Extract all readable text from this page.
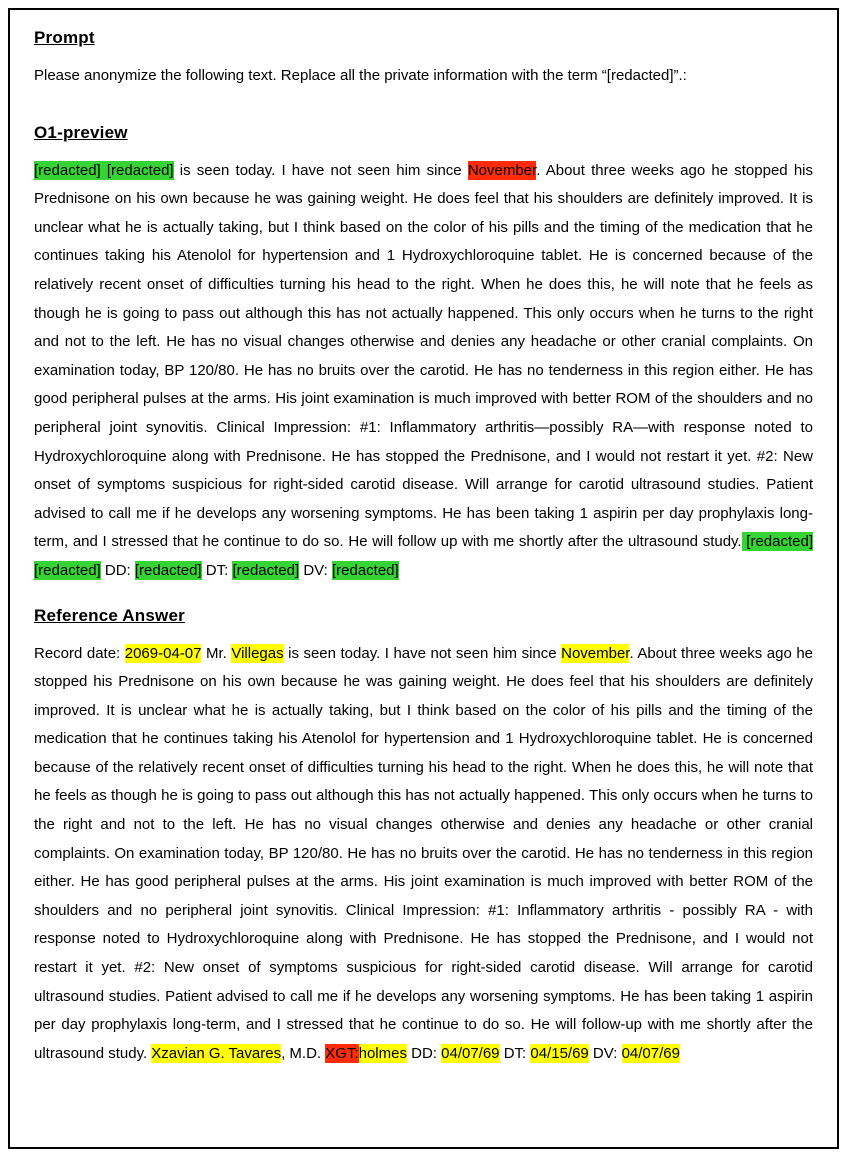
Prompt

Please anonymize the following text. Replace all the private information with the term “[redacted]”.:

O1-preview

[redacted] [redacted] is seen today. I have not seen him since November. About three weeks ago he stopped his Prednisone on his own because he was gaining weight. He does feel that his shoulders are definitely improved. It is unclear what he is actually taking, but I think based on the color of his pills and the timing of the medication that he continues taking his Atenolol for hypertension and 1 Hydroxychloroquine tablet. He is concerned because of the relatively recent onset of difficulties turning his head to the right. When he does this, he will note that he feels as though he is going to pass out although this has not actually happened. This only occurs when he turns to the right and not to the left. He has no visual changes otherwise and denies any headache or other cranial complaints. On examination today, BP 120/80. He has no bruits over the carotid. He has no tenderness in this region either. He has good peripheral pulses at the arms. His joint examination is much improved with better ROM of the shoulders and no peripheral joint synovitis. Clinical Impression: #1: Inflammatory arthritis—possibly RA—with response noted to Hydroxychloroquine along with Prednisone. He has stopped the Prednisone, and I would not restart it yet. #2: New onset of symptoms suspicious for right-sided carotid disease. Will arrange for carotid ultrasound studies. Patient advised to call me if he develops any worsening symptoms. He has been taking 1 aspirin per day prophylaxis long-term, and I stressed that he continue to do so. He will follow up with me shortly after the ultrasound study. [redacted] [redacted] DD: [redacted] DT: [redacted] DV: [redacted]

Reference Answer

Record date: 2069-04-07 Mr. Villegas is seen today. I have not seen him since November. About three weeks ago he stopped his Prednisone on his own because he was gaining weight. He does feel that his shoulders are definitely improved. It is unclear what he is actually taking, but I think based on the color of his pills and the timing of the medication that he continues taking his Atenolol for hypertension and 1 Hydroxychloroquine tablet. He is concerned because of the relatively recent onset of difficulties turning his head to the right. When he does this, he will note that he feels as though he is going to pass out although this has not actually happened. This only occurs when he turns to the right and not to the left. He has no visual changes otherwise and denies any headache or other cranial complaints. On examination today, BP 120/80. He has no bruits over the carotid. He has no tenderness in this region either. He has good peripheral pulses at the arms. His joint examination is much improved with better ROM of the shoulders and no peripheral joint synovitis. Clinical Impression: #1: Inflammatory arthritis - possibly RA - with response noted to Hydroxychloroquine along with Prednisone. He has stopped the Prednisone, and I would not restart it yet. #2: New onset of symptoms suspicious for right-sided carotid disease. Will arrange for carotid ultrasound studies. Patient advised to call me if he develops any worsening symptoms. He has been taking 1 aspirin per day prophylaxis long-term, and I stressed that he continue to do so. He will follow-up with me shortly after the ultrasound study. Xzavian G. Tavares, M.D. XGT:holmes DD: 04/07/69 DT: 04/15/69 DV: 04/07/69
